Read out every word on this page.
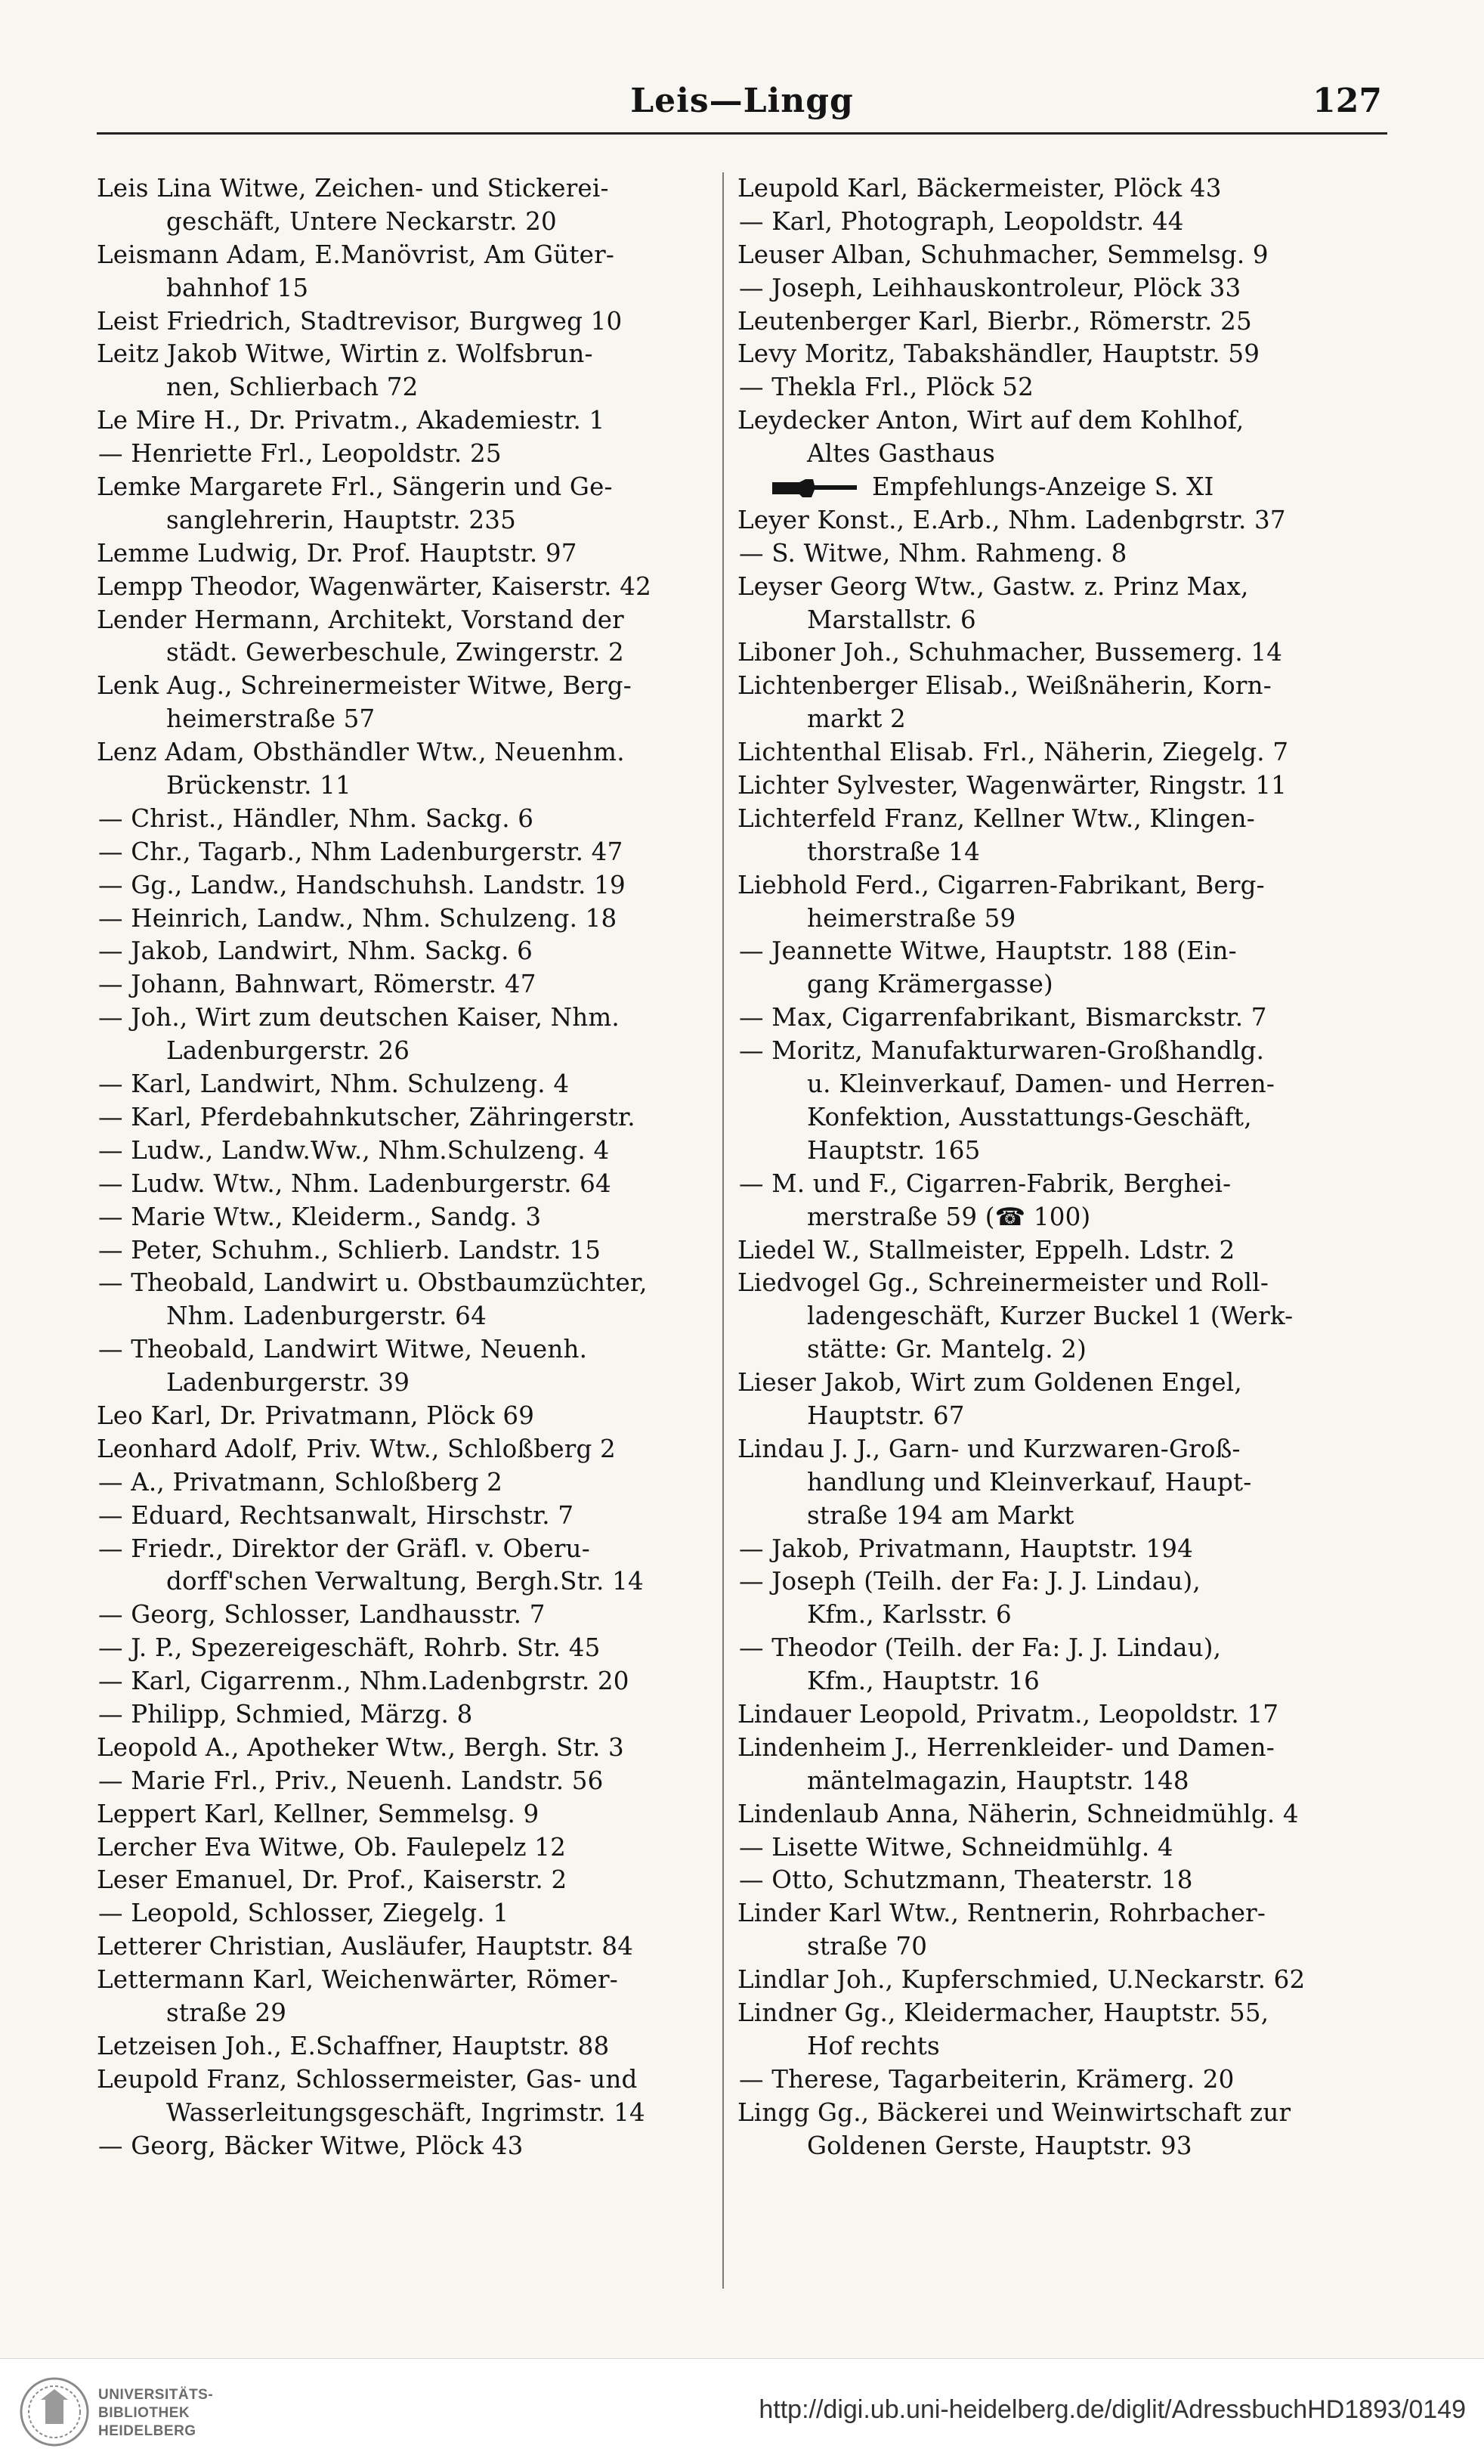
Leis—Lingg	127
Leis Lina Witwe, Zeichen- und Stickerei-
geschäft, Untere Neckarstr. 20
Leismann Adam, E.Manövrist, Am Güter-
bahnhof 15
Leist Friedrich, Stadtrevisor, Burgweg 10
Leitz Jakob Witwe, Wirtin z. Wolfsbrun-
nen, Schlierbach 72
Le Mire H., Dr. Privatm., Akademiestr. 1
— Henriette Frl., Leopoldstr. 25
Lemke Margarete Frl., Sängerin und Ge-
sanglehrerin, Hauptstr. 235
Lemme Ludwig, Dr. Prof. Hauptstr. 97
Lempp Theodor, Wagenwärter, Kaiserstr. 42
Lender Hermann, Architekt, Vorstand der
städt. Gewerbeschule, Zwingerstr. 2
Lenk Aug., Schreinermeister Witwe, Berg-
heimerstraße 57
Lenz Adam, Obsthändler Wtw., Neuenhm.
Brückenstr. 11
— Christ., Händler, Nhm. Sackg. 6
— Chr., Tagarb., Nhm Ladenburgerstr. 47
— Gg., Landw., Handschuhsh. Landstr. 19
— Heinrich, Landw., Nhm. Schulzeng. 18
— Jakob, Landwirt, Nhm. Sackg. 6
— Johann, Bahnwart, Römerstr. 47
— Joh., Wirt zum deutschen Kaiser, Nhm.
Ladenburgerstr. 26
— Karl, Landwirt, Nhm. Schulzeng. 4
— Karl, Pferdebahnkutscher, Zähringerstr.
— Ludw., Landw.Ww., Nhm.Schulzeng. 4
— Ludw. Wtw., Nhm. Ladenburgerstr. 64
— Marie Wtw., Kleiderm., Sandg. 3
— Peter, Schuhm., Schlierb. Landstr. 15
— Theobald, Landwirt u. Obstbaumzüchter,
Nhm. Ladenburgerstr. 64
— Theobald, Landwirt Witwe, Neuenh.
Ladenburgerstr. 39
Leo Karl, Dr. Privatmann, Plöck 69
Leonhard Adolf, Priv. Wtw., Schloßberg 2
— A., Privatmann, Schloßberg 2
— Eduard, Rechtsanwalt, Hirschstr. 7
— Friedr., Direktor der Gräfl. v. Oberu-
dorff'schen Verwaltung, Bergh.Str. 14
— Georg, Schlosser, Landhausstr. 7
— J. P., Spezereigeschäft, Rohrb. Str. 45
— Karl, Cigarrenm., Nhm.Ladenbgrstr. 20
— Philipp, Schmied, Märzg. 8
Leopold A., Apotheker Wtw., Bergh. Str. 3
— Marie Frl., Priv., Neuenh. Landstr. 56
Leppert Karl, Kellner, Semmelsg. 9
Lercher Eva Witwe, Ob. Faulepelz 12
Leser Emanuel, Dr. Prof., Kaiserstr. 2
— Leopold, Schlosser, Ziegelg. 1
Letterer Christian, Ausläufer, Hauptstr. 84
Lettermann Karl, Weichenwärter, Römer-
straße 29
Letzeisen Joh., E.Schaffner, Hauptstr. 88
Leupold Franz, Schlossermeister, Gas- und
Wasserleitungsgeschäft, Ingrimstr. 14
— Georg, Bäcker Witwe, Plöck 43
Leupold Karl, Bäckermeister, Plöck 43
— Karl, Photograph, Leopoldstr. 44
Leuser Alban, Schuhmacher, Semmelsg. 9
— Joseph, Leihhauskontroleur, Plöck 33
Leutenberger Karl, Bierbr., Römerstr. 25
Levy Moritz, Tabakshändler, Hauptstr. 59
— Thekla Frl., Plöck 52
Leydecker Anton, Wirt auf dem Kohlhof,
Altes Gasthaus
Empfehlungs-Anzeige S. XI
Leyer Konst., E.Arb., Nhm. Ladenbgrstr. 37
— S. Witwe, Nhm. Rahmeng. 8
Leyser Georg Wtw., Gastw. z. Prinz Max,
Marstallstr. 6
Liboner Joh., Schuhmacher, Bussemerg. 14
Lichtenberger Elisab., Weißnäherin, Korn-
markt 2
Lichtenthal Elisab. Frl., Näherin, Ziegelg. 7
Lichter Sylvester, Wagenwärter, Ringstr. 11
Lichterfeld Franz, Kellner Wtw., Klingen-
thorstraße 14
Liebhold Ferd., Cigarren-Fabrikant, Berg-
heimerstraße 59
— Jeannette Witwe, Hauptstr. 188 (Ein-
gang Krämergasse)
— Max, Cigarrenfabrikant, Bismarckstr. 7
— Moritz, Manufakturwaren-Großhandlg.
u. Kleinverkauf, Damen- und Herren-
Konfektion, Ausstattungs-Geschäft,
Hauptstr. 165
— M. und F., Cigarren-Fabrik, Berghei-
merstraße 59 (☎ 100)
Liedel W., Stallmeister, Eppelh. Ldstr. 2
Liedvogel Gg., Schreinermeister und Roll-
ladengeschäft, Kurzer Buckel 1 (Werk-
stätte: Gr. Mantelg. 2)
Lieser Jakob, Wirt zum Goldenen Engel,
Hauptstr. 67
Lindau J. J., Garn- und Kurzwaren-Groß-
handlung und Kleinverkauf, Haupt-
straße 194 am Markt
— Jakob, Privatmann, Hauptstr. 194
— Joseph (Teilh. der Fa: J. J. Lindau),
Kfm., Karlsstr. 6
— Theodor (Teilh. der Fa: J. J. Lindau),
Kfm., Hauptstr. 16
Lindauer Leopold, Privatm., Leopoldstr. 17
Lindenheim J., Herrenkleider- und Damen-
mäntelmagazin, Hauptstr. 148
Lindenlaub Anna, Näherin, Schneidmühlg. 4
— Lisette Witwe, Schneidmühlg. 4
— Otto, Schutzmann, Theaterstr. 18
Linder Karl Wtw., Rentnerin, Rohrbacher-
straße 70
Lindlar Joh., Kupferschmied, U.Neckarstr. 62
Lindner Gg., Kleidermacher, Hauptstr. 55,
Hof rechts
— Therese, Tagarbeiterin, Krämerg. 20
Lingg Gg., Bäckerei und Weinwirtschaft zur
Goldenen Gerste, Hauptstr. 93
UNIVERSITÄTS-
BIBLIOTHEK
HEIDELBERG
http://digi.ub.uni-heidelberg.de/diglit/AdressbuchHD1893/0149
